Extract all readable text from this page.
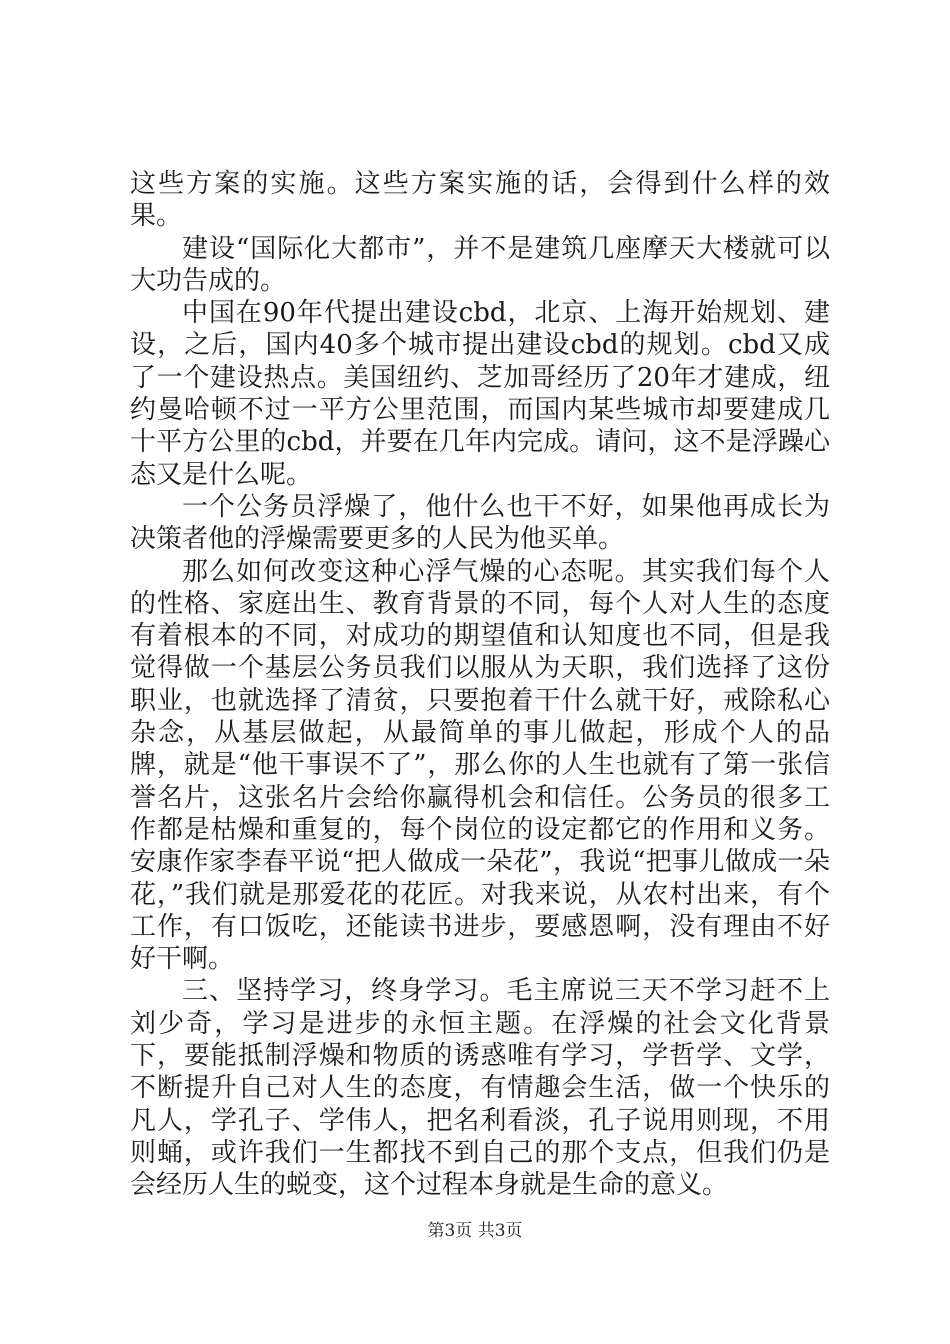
这些方案的实施。这些方案实施的话，会得到什么样的效果。

建设“国际化大都市”，并不是建筑几座摩天大楼就可以大功告成的。

中国在90年代提出建设cbd，北京、上海开始规划、建设，之后，国内40多个城市提出建设cbd的规划。cbd又成了一个建设热点。美国纽约、芝加哥经历了20年才建成，纽约曼哈顿不过一平方公里范围，而国内某些城市却要建成几十平方公里的cbd，并要在几年内完成。请问，这不是浮躁心态又是什么呢。

一个公务员浮燥了，他什么也干不好，如果他再成长为决策者他的浮燥需要更多的人民为他买单。

那么如何改变这种心浮气燥的心态呢。其实我们每个人的性格、家庭出生、教育背景的不同，每个人对人生的态度有着根本的不同，对成功的期望值和认知度也不同，但是我觉得做一个基层公务员我们以服从为天职，我们选择了这份职业，也就选择了清贫，只要抱着干什么就干好，戒除私心杂念，从基层做起，从最简单的事儿做起，形成个人的品牌，就是“他干事误不了”，那么你的人生也就有了第一张信誉名片，这张名片会给你赢得机会和信任。公务员的很多工作都是枯燥和重复的，每个岗位的设定都它的作用和义务。安康作家李春平说“把人做成一朵花”，我说“把事儿做成一朵花，”我们就是那爱花的花匠。对我来说，从农村出来，有个工作，有口饭吃，还能读书进步，要感恩啊，没有理由不好好干啊。

三、坚持学习，终身学习。毛主席说三天不学习赶不上刘少奇，学习是进步的永恒主题。在浮燥的社会文化背景下，要能抵制浮燥和物质的诱惑唯有学习，学哲学、文学，不断提升自己对人生的态度，有情趣会生活，做一个快乐的凡人，学孔子、学伟人，把名利看淡，孔子说用则现，不用则蛹，或许我们一生都找不到自己的那个支点，但我们仍是会经历人生的蜕变，这个过程本身就是生命的意义。

第3页 共3页
